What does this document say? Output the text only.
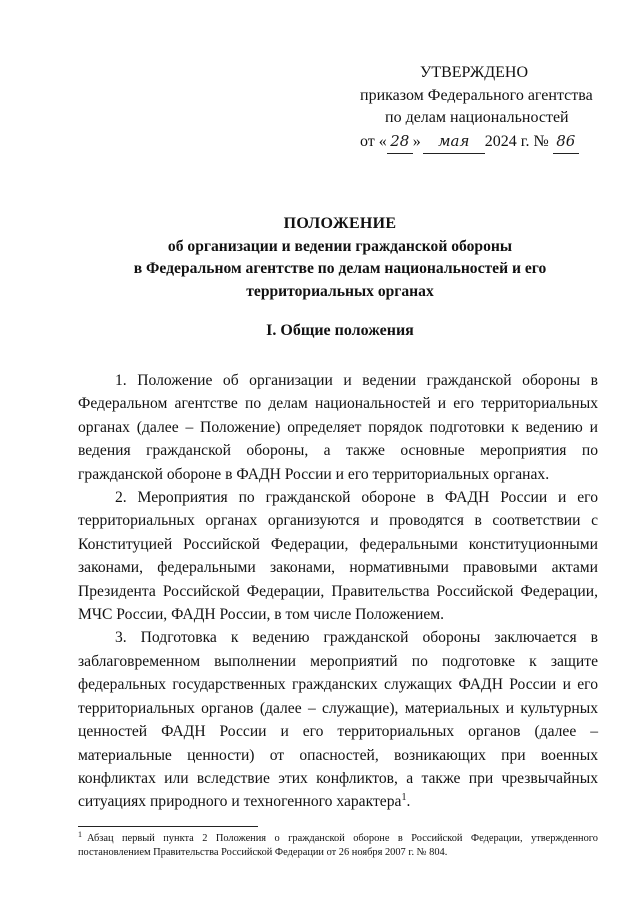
УТВЕРЖДЕНО
приказом Федерального агентства
по делам национальностей
от « 28 » мая 2024 г. № 86
ПОЛОЖЕНИЕ
об организации и ведении гражданской обороны
в Федеральном агентстве по делам национальностей и его
территориальных органах
I. Общие положения

1. Положение об организации и ведении гражданской обороны в Федеральном агентстве по делам национальностей и его территориальных органах (далее – Положение) определяет порядок подготовки к ведению и ведения гражданской обороны, а также основные мероприятия по гражданской обороне в ФАДН России и его территориальных органах.

2. Мероприятия по гражданской обороне в ФАДН России и его территориальных органах организуются и проводятся в соответствии с Конституцией Российской Федерации, федеральными конституционными законами, федеральными законами, нормативными правовыми актами Президента Российской Федерации, Правительства Российской Федерации, МЧС России, ФАДН России, в том числе Положением.

3. Подготовка к ведению гражданской обороны заключается в заблаговременном выполнении мероприятий по подготовке к защите федеральных государственных гражданских служащих ФАДН России и его территориальных органов (далее – служащие), материальных и культурных ценностей ФАДН России и его территориальных органов (далее – материальные ценности) от опасностей, возникающих при военных конфликтах или вследствие этих конфликтов, а также при чрезвычайных ситуациях природного и техногенного характера$^1$.

$^1$ Абзац первый пункта 2 Положения о гражданской обороне в Российской Федерации, утвержденного постановлением Правительства Российской Федерации от 26 ноября 2007 г. № 804.
